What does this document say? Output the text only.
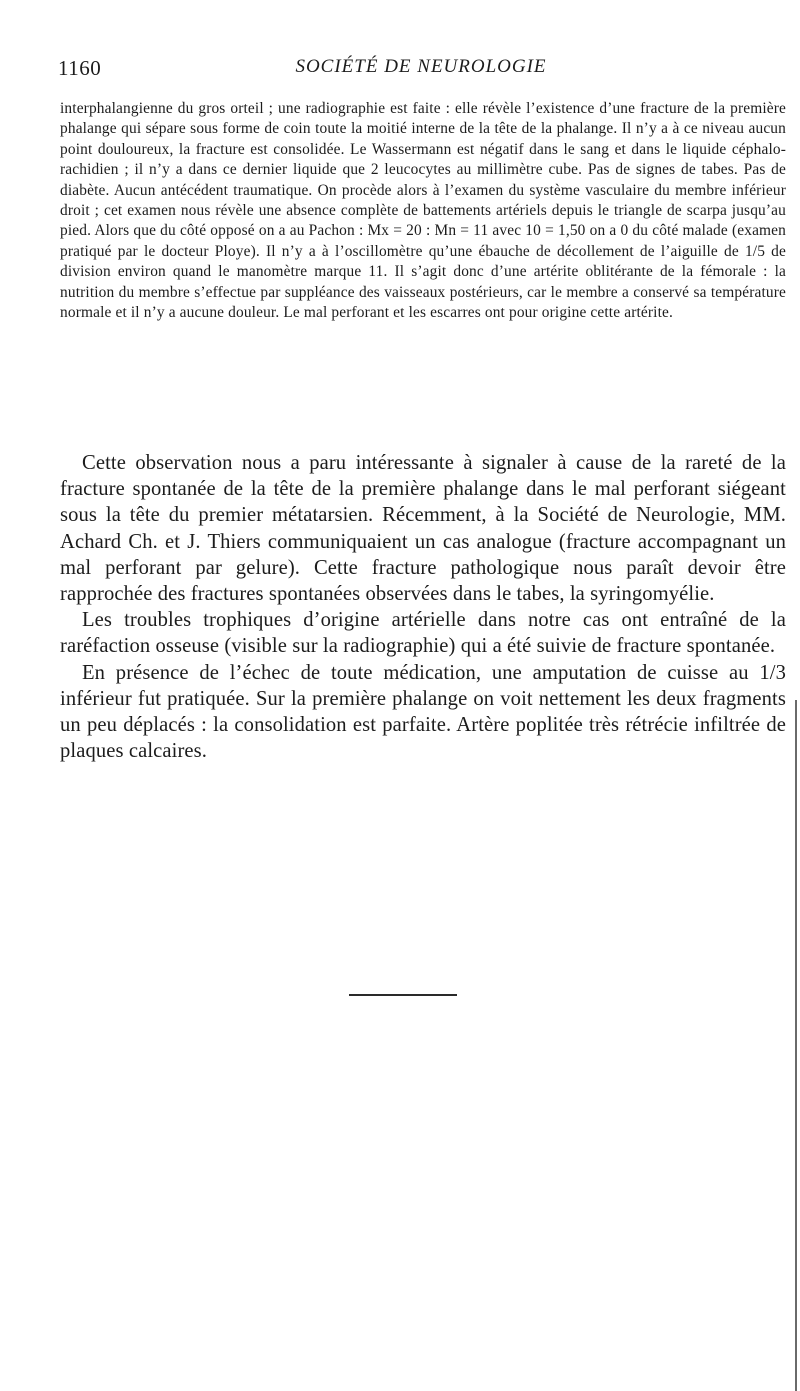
1160	SOCIÉTÉ DE NEUROLOGIE

interphalangienne du gros orteil ; une radiographie est faite : elle révèle l’existence d’une fracture de la première phalange qui sépare sous forme de coin toute la moitié interne de la tête de la phalange. Il n’y a à ce niveau aucun point douloureux, la fracture est consolidée. Le Wassermann est négatif dans le sang et dans le liquide céphalo-rachidien ; il n’y a dans ce dernier liquide que 2 leucocytes au millimètre cube. Pas de signes de tabes. Pas de diabète. Aucun antécédent traumatique. On procède alors à l’examen du système vasculaire du membre inférieur droit ; cet examen nous révèle une absence complète de battements artériels depuis le triangle de scarpa jusqu’au pied. Alors que du côté opposé on a au Pachon : Mx = 20 : Mn = 11 avec 10 = 1,50 on a 0 du côté malade (examen pratiqué par le docteur Ploye). Il n’y a à l’oscillomètre qu’une ébauche de décollement de l’aiguille de 1/5 de division environ quand le manomètre marque 11. Il s’agit donc d’une artérite oblitérante de la fémorale : la nutrition du membre s’effectue par suppléance des vaisseaux postérieurs, car le membre a conservé sa température normale et il n’y a aucune douleur. Le mal perforant et les escarres ont pour origine cette artérite.

Cette observation nous a paru intéressante à signaler à cause de la rareté de la fracture spontanée de la tête de la première phalange dans le mal perforant siégeant sous la tête du premier métatarsien. Récemment, à la Société de Neurologie, MM. Achard Ch. et J. Thiers communiquaient un cas analogue (fracture accompagnant un mal perforant par gelure). Cette fracture pathologique nous paraît devoir être rapprochée des fractures spontanées observées dans le tabes, la syringomyélie.

Les troubles trophiques d’origine artérielle dans notre cas ont entraîné de la raréfaction osseuse (visible sur la radiographie) qui a été suivie de fracture spontanée.

En présence de l’échec de toute médication, une amputation de cuisse au 1/3 inférieur fut pratiquée. Sur la première phalange on voit nettement les deux fragments un peu déplacés : la consolidation est parfaite. Artère poplitée très rétrécie infiltrée de plaques calcaires.
